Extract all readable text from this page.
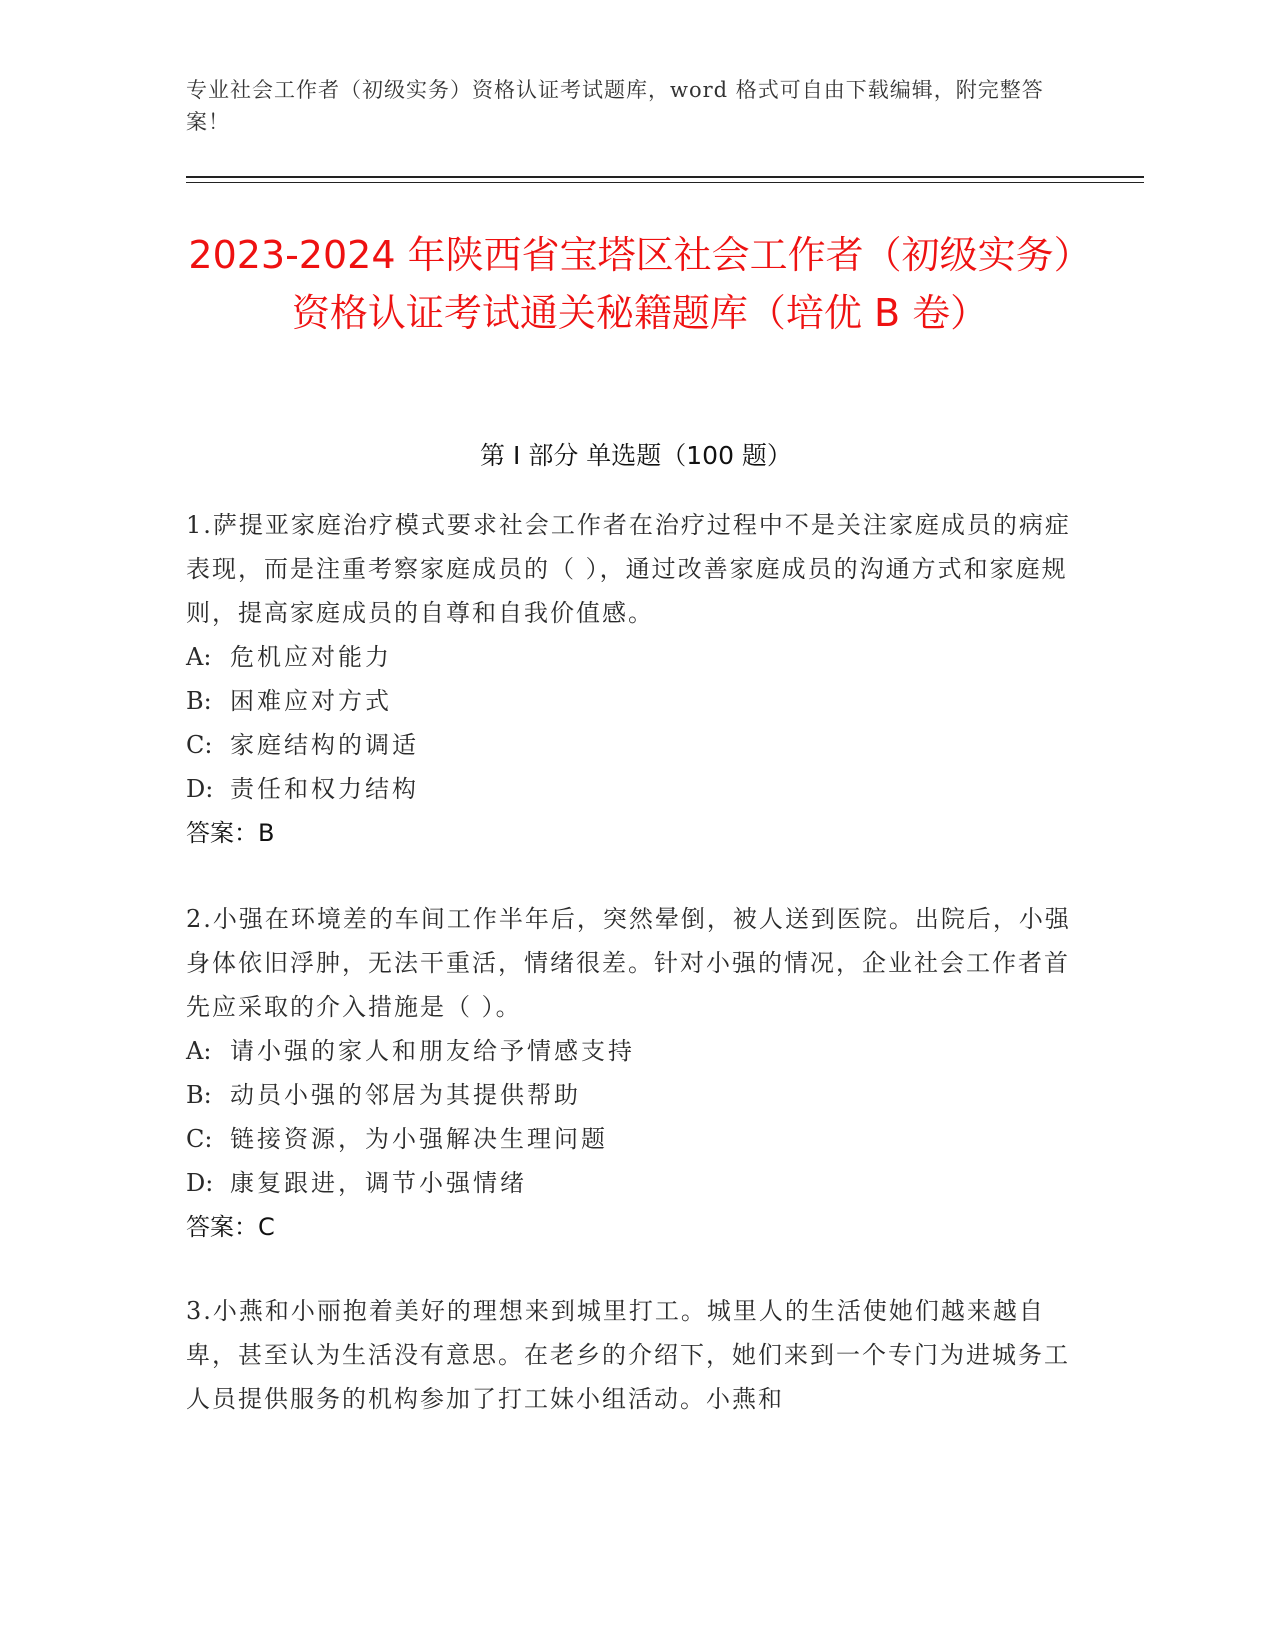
专业社会工作者（初级实务）资格认证考试题库，word 格式可自由下载编辑，附完整答案！
2023-2024 年陕西省宝塔区社会工作者（初级实务）资格认证考试通关秘籍题库（培优 B 卷）
第 I 部分 单选题（100 题）
1.萨提亚家庭治疗模式要求社会工作者在治疗过程中不是关注家庭成员的病症表现，而是注重考察家庭成员的（ ），通过改善家庭成员的沟通方式和家庭规则，提高家庭成员的自尊和自我价值感。
A: 危机应对能力
B: 困难应对方式
C: 家庭结构的调适
D: 责任和权力结构
答案：B
2.小强在环境差的车间工作半年后，突然晕倒，被人送到医院。出院后，小强身体依旧浮肿，无法干重活，情绪很差。针对小强的情况，企业社会工作者首先应采取的介入措施是（ ）。
A: 请小强的家人和朋友给予情感支持
B: 动员小强的邻居为其提供帮助
C: 链接资源，为小强解决生理问题
D: 康复跟进，调节小强情绪
答案：C
3.小燕和小丽抱着美好的理想来到城里打工。城里人的生活使她们越来越自卑，甚至认为生活没有意思。在老乡的介绍下，她们来到一个专门为进城务工人员提供服务的机构参加了打工妹小组活动。小燕和
